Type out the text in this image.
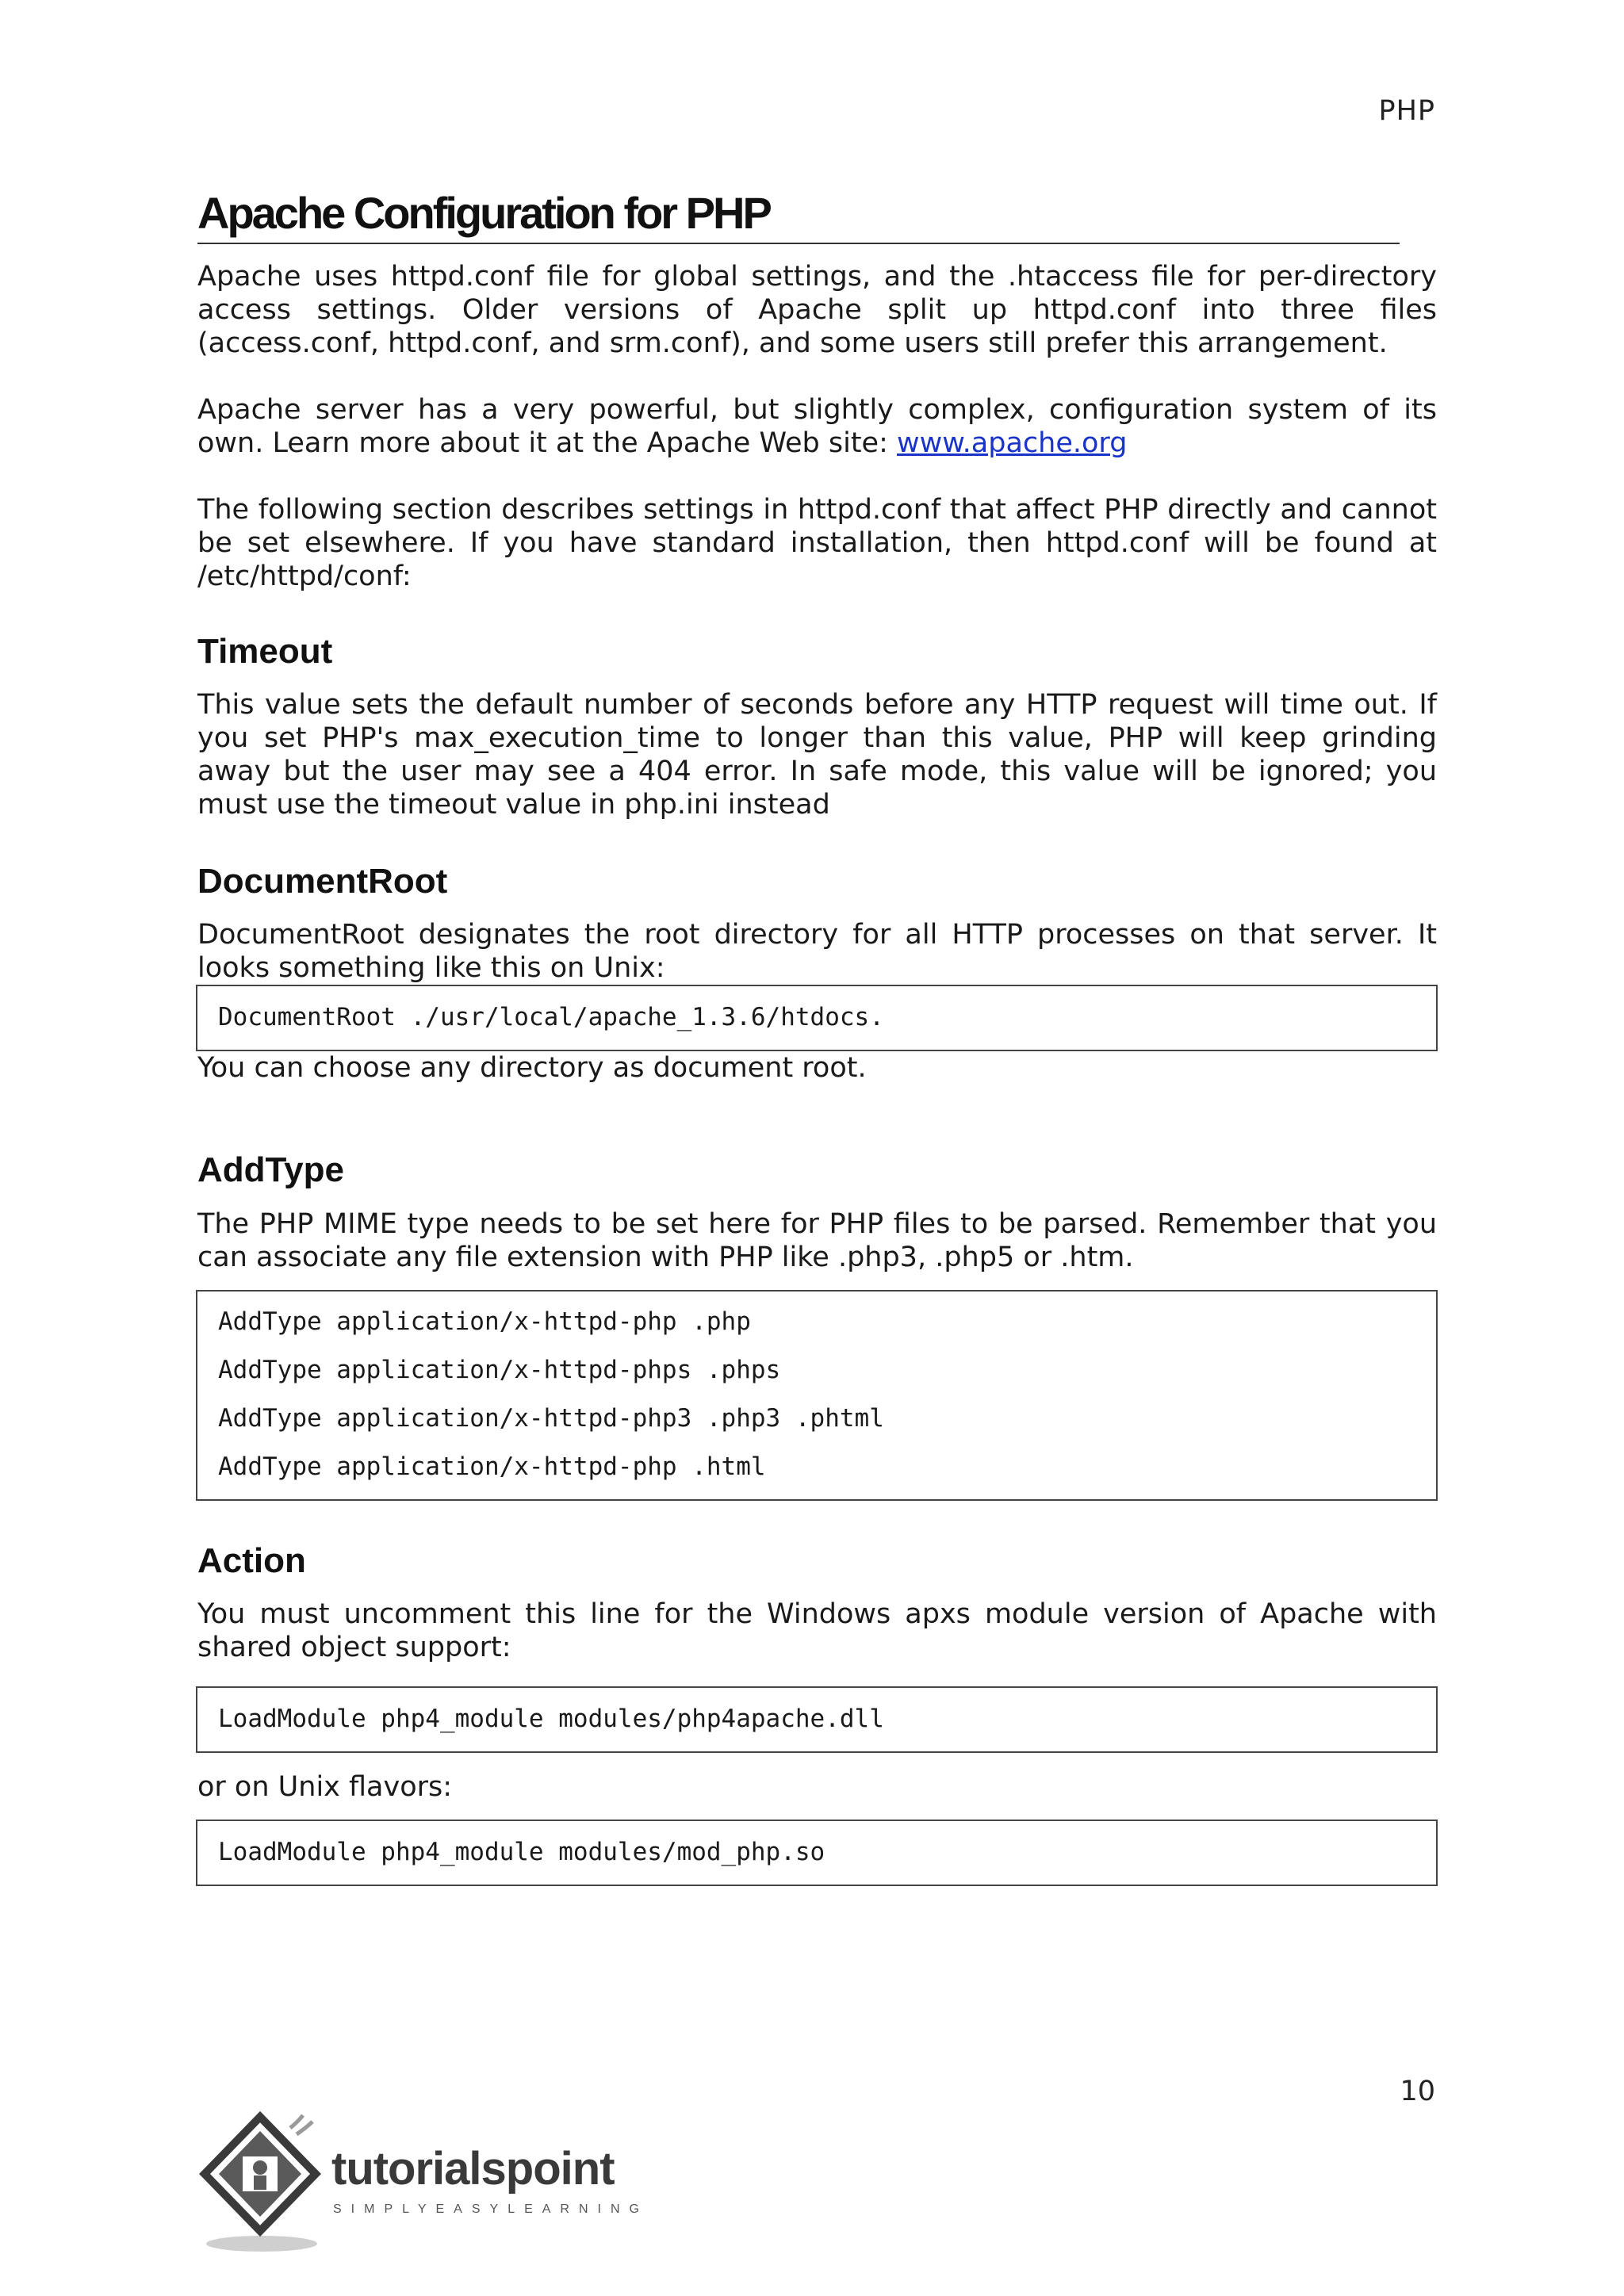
PHP
Apache Configuration for PHP

Apache uses httpd.conf file for global settings, and the .htaccess file for per-directory access settings. Older versions of Apache split up httpd.conf into three files (access.conf, httpd.conf, and srm.conf), and some users still prefer this arrangement.

Apache server has a very powerful, but slightly complex, configuration system of its own. Learn more about it at the Apache Web site: www.apache.org

The following section describes settings in httpd.conf that affect PHP directly and cannot be set elsewhere. If you have standard installation, then httpd.conf will be found at /etc/httpd/conf:

Timeout

This value sets the default number of seconds before any HTTP request will time out. If you set PHP's max_execution_time to longer than this value, PHP will keep grinding away but the user may see a 404 error. In safe mode, this value will be ignored; you must use the timeout value in php.ini instead

DocumentRoot

DocumentRoot designates the root directory for all HTTP processes on that server. It looks something like this on Unix:

DocumentRoot ./usr/local/apache_1.3.6/htdocs.

You can choose any directory as document root.

AddType

The PHP MIME type needs to be set here for PHP files to be parsed. Remember that you can associate any file extension with PHP like .php3, .php5 or .htm.

AddType application/x-httpd-php .php
AddType application/x-httpd-phps .phps
AddType application/x-httpd-php3 .php3 .phtml
AddType application/x-httpd-php .html
Action

You must uncomment this line for the Windows apxs module version of Apache with shared object support:

LoadModule php4_module modules/php4apache.dll

or on Unix flavors:

LoadModule php4_module modules/mod_php.so
10
tutorialspoint
SIMPLYEASYLEARNING
